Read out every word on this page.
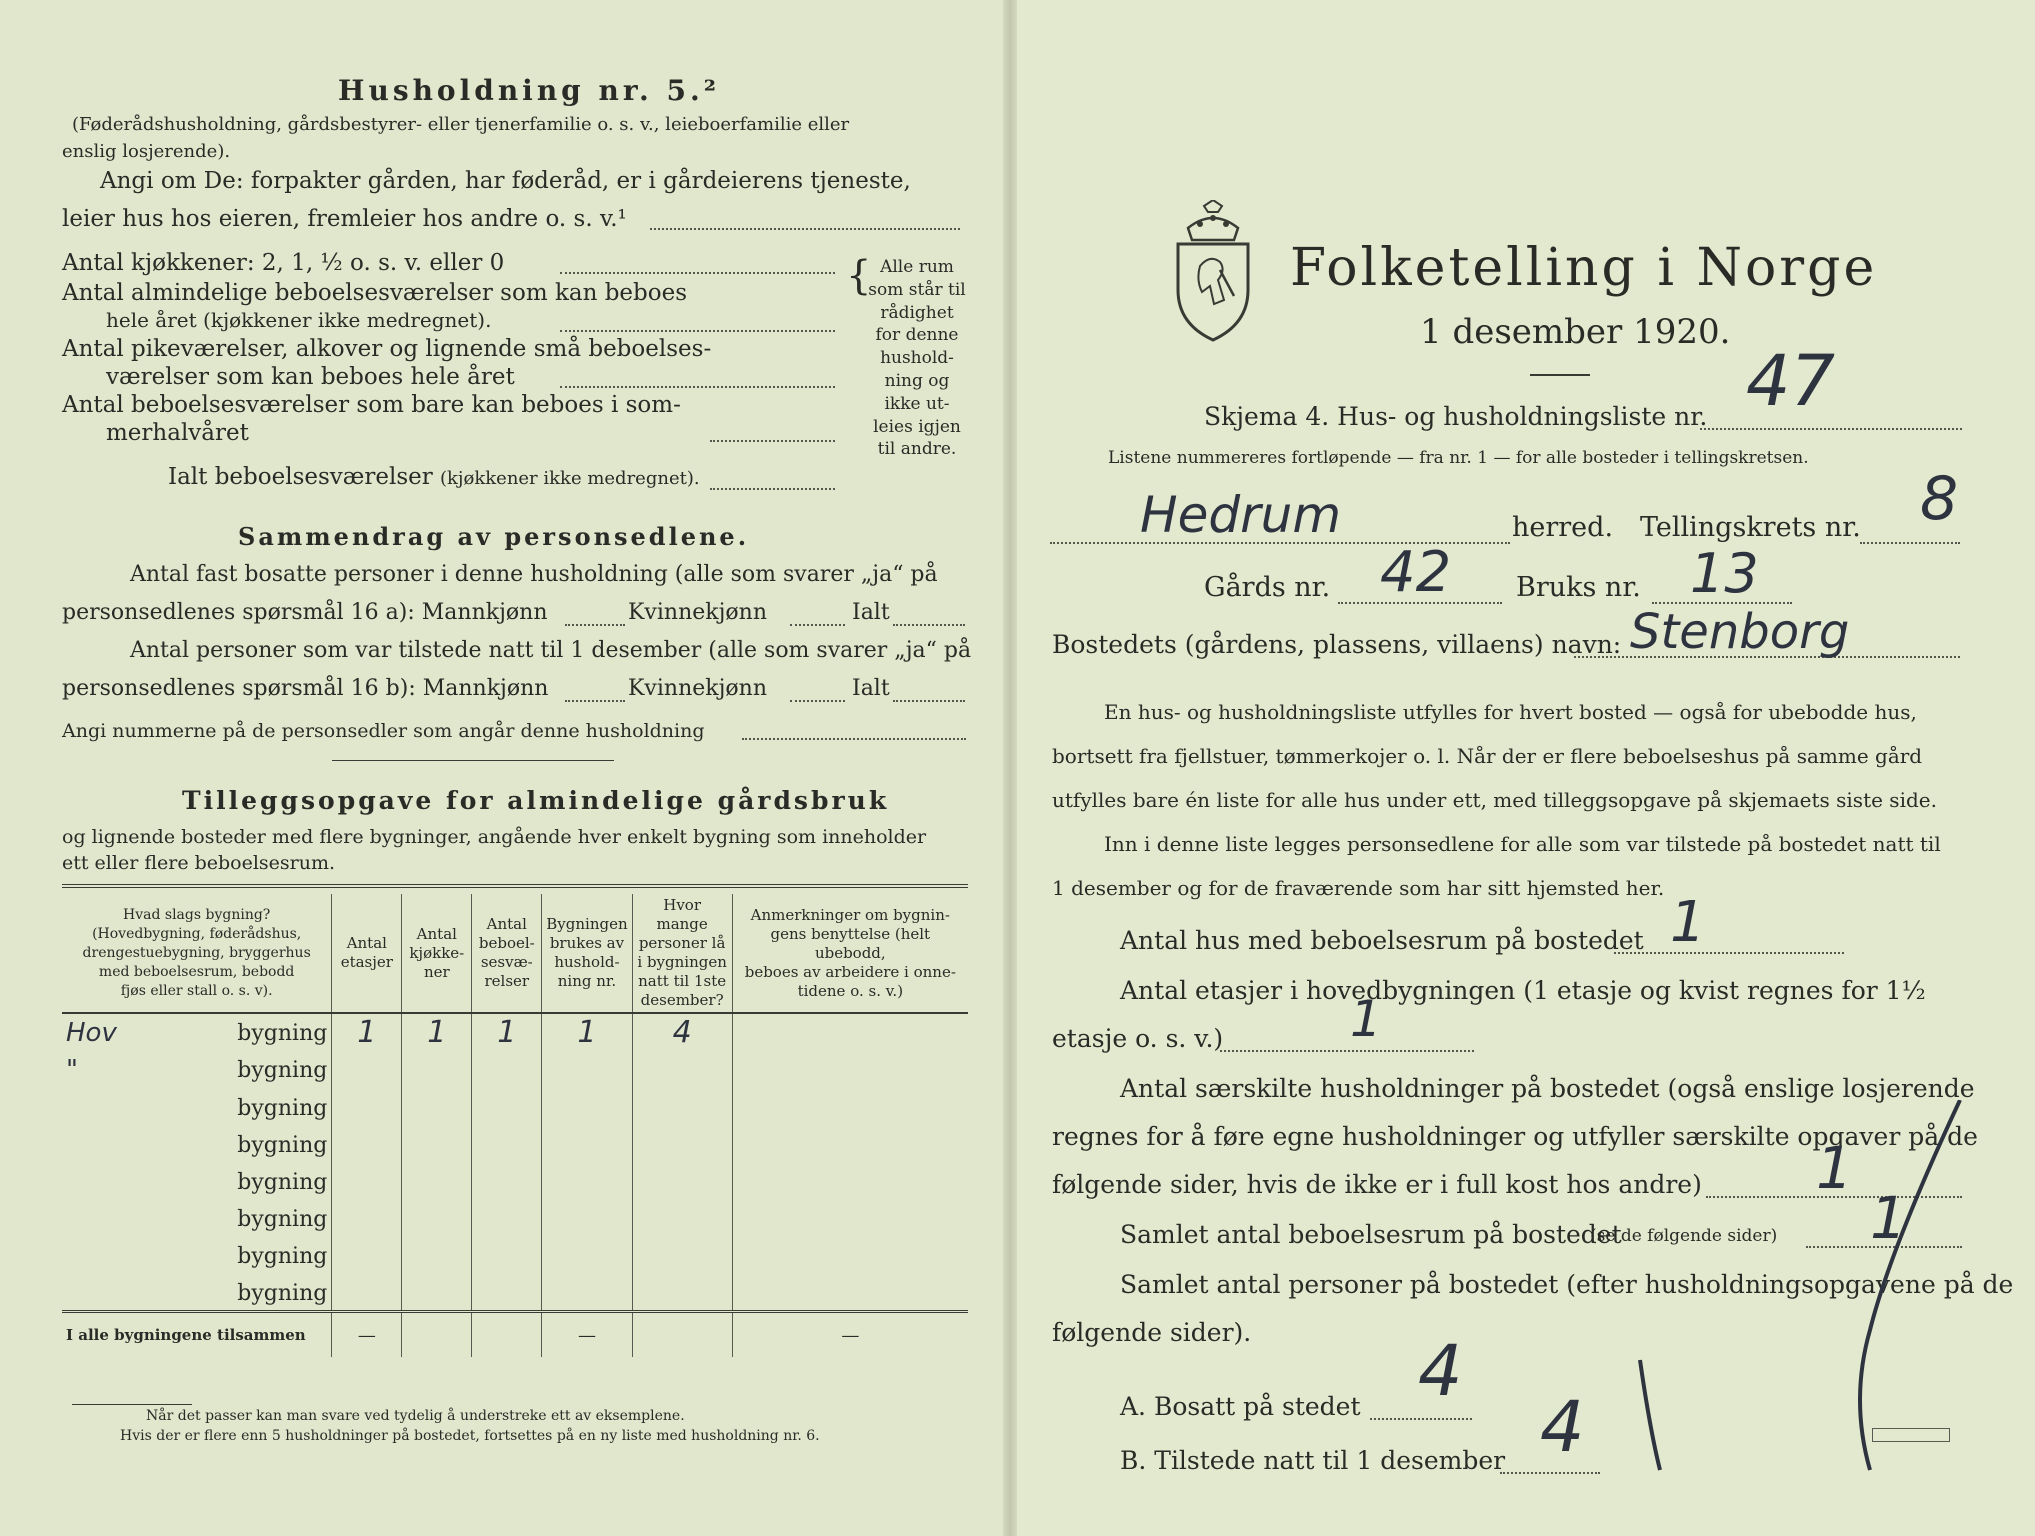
Husholdning nr. 5.²
(Føderådshusholdning, gårdsbestyrer- eller tjenerfamilie o. s. v., leieboerfamilie eller
enslig losjerende).
Angi om De: forpakter gården, har føderåd, er i gårdeierens tjeneste,
leier hus hos eieren, fremleier hos andre o. s. v.¹
Antal kjøkkener: 2, 1, ½ o. s. v. eller 0
Antal almindelige beboelsesværelser som kan beboes
hele året (kjøkkener ikke medregnet).
Antal pikeværelser, alkover og lignende små beboelses-
værelser som kan beboes hele året
Antal beboelsesværelser som bare kan beboes i som-
merhalvåret
Ialt beboelsesværelser (kjøkkener ikke medregnet).
{ Alle rum
som står til
rådighet
for denne
hushold-
ning og
ikke ut-
leies igjen
til andre.
Sammendrag av personsedlene.
Antal fast bosatte personer i denne husholdning (alle som svarer „ja“ på
personsedlenes spørsmål 16 a): Mannkjønn	Kvinnekjønn	Ialt
Antal personer som var tilstede natt til 1 desember (alle som svarer „ja“ på
personsedlenes spørsmål 16 b): Mannkjønn	Kvinnekjønn	Ialt
Angi nummerne på de personsedler som angår denne husholdning
Tilleggsopgave for almindelige gårdsbruk
og lignende bosteder med flere bygninger, angående hver enkelt bygning som inneholder
ett eller flere beboelsesrum.
Hvad slags bygning?
(Hovedbygning, føderådshus,
drengestuebygning, bryggerhus
med beboelsesrum, bebodd
fjøs eller stall o. s. v).	Antal
etasjer	Antal
kjøkke-
ner	Antal
beboel-
sesvæ-
relser	Bygningen
brukes av
hushold-
ning nr.	Hvor mange
personer lå
i bygningen
natt til 1ste
desember?	Anmerkninger om bygnin-
gens benyttelse (helt ubebodd,
beboes av arbeidere i onne-
tidene o. s. v.)

Hov bygning	1	1	1	1	4	

" bygning						

bygning						

bygning						

bygning						

bygning						

bygning						

bygning						
I alle bygningene tilsammen	—			—		—
Når det passer kan man svare ved tydelig å understreke ett av eksemplene.
Hvis der er flere enn 5 husholdninger på bostedet, fortsettes på en ny liste med husholdning nr. 6.
Folketelling i Norge
1 desember 1920.
Skjema 4. Hus- og husholdningsliste nr. 47
Listene nummereres fortløpende — fra nr. 1 — for alle bosteder i tellingskretsen.
Hedrum	herred. Tellingskrets nr. 8
Gårds nr. 42 Bruks nr. 13
Bostedets (gårdens, plassens, villaens) navn: Stenborg
En hus- og husholdningsliste utfylles for hvert bosted — også for ubebodde hus,
bortsett fra fjellstuer, tømmerkojer o. l. Når der er flere beboelseshus på samme gård
utfylles bare én liste for alle hus under ett, med tilleggsopgave på skjemaets siste side.
Inn i denne liste legges personsedlene for alle som var tilstede på bostedet natt til
1 desember og for de fraværende som har sitt hjemsted her.
Antal hus med beboelsesrum på bostedet 1
Antal etasjer i hovedbygningen (1 etasje og kvist regnes for 1½
etasje o. s. v.)	1
Antal særskilte husholdninger på bostedet (også enslige losjerende
regnes for å føre egne husholdninger og utfyller særskilte opgaver på de
følgende sider, hvis de ikke er i full kost hos andre) 1
Samlet antal beboelsesrum på bostedet
(se de følgende sider) 1
Samlet antal personer på bostedet (efter husholdningsopgavene på de
følgende sider).
A. Bosatt på stedet 4
B. Tilstede natt til 1 desember 4
